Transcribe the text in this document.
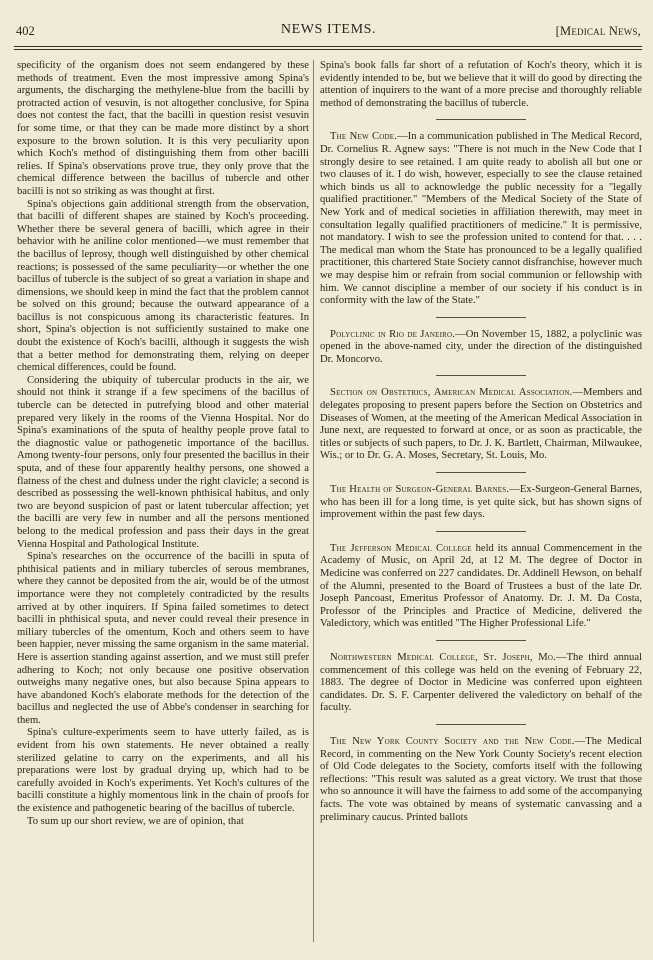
402	NEWS ITEMS.	[Medical News,

specificity of the organism does not seem endangered by these methods of treatment. Even the most impressive among Spina's arguments, the discharging the methylene-blue from the bacilli by protracted action of vesuvin, is not altogether conclusive, for Spina does not contest the fact, that the bacilli in question resist vesuvin for some time, or that they can be made more distinct by a short exposure to the brown solution. It is this very peculiarity upon which Koch's method of distinguishing them from other bacilli relies. If Spina's observations prove true, they only prove that the chemical difference between the bacillus of tubercle and other bacilli is not so striking as was thought at first.

Spina's objections gain additional strength from the observation, that bacilli of different shapes are stained by Koch's proceeding. Whether there be several genera of bacilli, which agree in their behavior with he aniline color mentioned—we must remember that the bacillus of leprosy, though well distinguished by other chemical reactions; is possessed of the same peculiarity—or whether the one bacillus of tubercle is the subject of so great a variation in shape and dimensions, we should keep in mind the fact that the problem cannot be solved on this ground; because the outward appearance of a bacillus is not conspicuous among its characteristic features. In short, Spina's objection is not sufficiently sustained to make one doubt the existence of Koch's bacilli, although it suggests the wish that a better method for demonstrating them, relying on deeper chemical differences, could be found.

Considering the ubiquity of tubercular products in the air, we should not think it strange if a few specimens of the bacillus of tubercle can be detected in putrefying blood and other material prepared very likely in the rooms of the Vienna Hospital. Nor do Spina's examinations of the sputa of healthy people prove fatal to the diagnostic value or pathogenetic importance of the bacillus. Among twenty-four persons, only four presented the bacillus in their sputa, and of these four apparently healthy persons, one showed a flatness of the chest and dulness under the right clavicle; a second is described as possessing the well-known phthisical habitus, and only two are beyond suspicion of past or latent tubercular affection; yet the bacilli are very few in number and all the persons mentioned belong to the medical profession and pass their days in the great Vienna Hospital and Pathological Institute.

Spina's researches on the occurrence of the bacilli in sputa of phthisical patients and in miliary tubercles of serous membranes, where they cannot be deposited from the air, would be of the utmost importance were they not completely contradicted by the results arrived at by other inquirers. If Spina failed sometimes to detect bacilli in phthisical sputa, and never could reveal their presence in miliary tubercles of the omentum, Koch and others seem to have been happier, never missing the same organism in the same material. Here is assertion standing against assertion, and we must still prefer adhering to Koch; not only because one positive observation outweighs many negative ones, but also because Spina appears to have abandoned Koch's elaborate methods for the detection of the bacillus and neglected the use of Abbe's condenser in searching for them.

Spina's culture-experiments seem to have utterly failed, as is evident from his own statements. He never obtained a really sterilized gelatine to carry on the experiments, and all his preparations were lost by gradual drying up, which had to be carefully avoided in Koch's experiments. Yet Koch's cultures of the bacilli constitute a highly momentous link in the chain of proofs for the existence and pathogenetic bearing of the bacillus of tubercle.

To sum up our short review, we are of opinion, that

Spina's book falls far short of a refutation of Koch's theory, which it is evidently intended to be, but we believe that it will do good by directing the attention of inquirers to the want of a more precise and thoroughly reliable method of demonstrating the bacillus of tubercle.

The New Code.—In a communication published in The Medical Record, Dr. Cornelius R. Agnew says: "There is not much in the New Code that I strongly desire to see retained. I am quite ready to abolish all but one or two clauses of it. I do wish, however, especially to see the clause retained which binds us all to acknowledge the public necessity for a "legally qualified practitioner." "Members of the Medical Society of the State of New York and of medical societies in affiliation therewith, may meet in consultation legally qualified practitioners of medicine." It is permissive, not mandatory. I wish to see the profession united to contend for that. . . . The medical man whom the State has pronounced to be a legally qualified practitioner, this chartered State Society cannot disfranchise, however much we may despise him or refrain from social communion or fellowship with him. We cannot discipline a member of our society if his conduct is in conformity with the law of the State."

Polyclinic in Rio de Janeiro.—On November 15, 1882, a polyclinic was opened in the above-named city, under the direction of the distinguished Dr. Moncorvo.

Section on Obstetrics, American Medical Association.—Members and delegates proposing to present papers before the Section on Obstetrics and Diseases of Women, at the meeting of the American Medical Association in June next, are requested to forward at once, or as soon as practicable, the titles or subjects of such papers, to Dr. J. K. Bartlett, Chairman, Milwaukee, Wis.; or to Dr. G. A. Moses, Secretary, St. Louis, Mo.

The Health of Surgeon-General Barnes.—Ex-Surgeon-General Barnes, who has been ill for a long time, is yet quite sick, but has shown signs of improvement within the past few days.

The Jefferson Medical College held its annual Commencement in the Academy of Music, on April 2d, at 12 M. The degree of Doctor in Medicine was conferred on 227 candidates. Dr. Addinell Hewson, on behalf of the Alumni, presented to the Board of Trustees a bust of the late Dr. Joseph Pancoast, Emeritus Professor of Anatomy. Dr. J. M. Da Costa, Professor of the Principles and Practice of Medicine, delivered the Valedictory, which was entitled "The Higher Professional Life."

Northwestern Medical College, St. Joseph, Mo.—The third annual commencement of this college was held on the evening of February 22, 1883. The degree of Doctor in Medicine was conferred upon eighteen candidates. Dr. S. F. Carpenter delivered the valedictory on behalf of the faculty.

The New York County Society and the New Code.—The Medical Record, in commenting on the New York County Society's recent election of Old Code delegates to the Society, comforts itself with the following reflections: "This result was saluted as a great victory. We trust that those who so announce it will have the fairness to add some of the accompanying facts. The vote was obtained by means of systematic canvassing and a preliminary caucus. Printed ballots
